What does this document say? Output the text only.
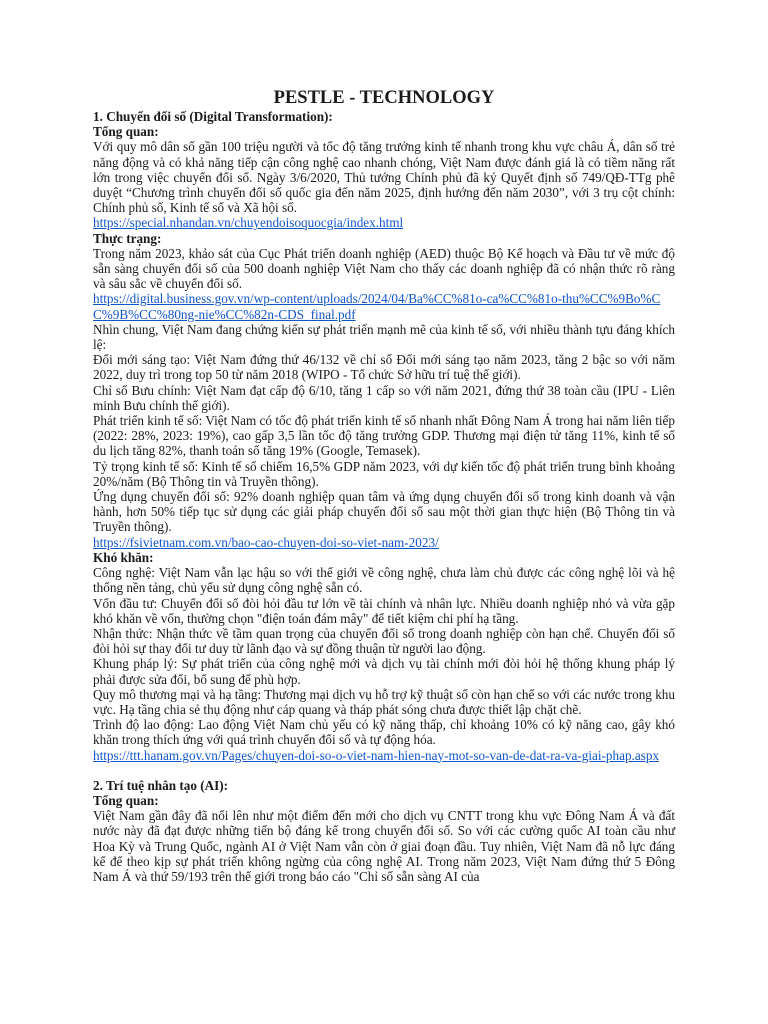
PESTLE - TECHNOLOGY

1. Chuyển đổi số (Digital Transformation):

Tổng quan:

Với quy mô dân số gần 100 triệu người và tốc độ tăng trưởng kinh tế nhanh trong khu vực châu Á, dân số trẻ năng động và có khả năng tiếp cận công nghệ cao nhanh chóng, Việt Nam được đánh giá là có tiềm năng rất lớn trong việc chuyển đổi số. Ngày 3/6/2020, Thủ tướng Chính phủ đã ký Quyết định số 749/QĐ-TTg phê duyệt “Chương trình chuyển đổi số quốc gia đến năm 2025, định hướng đến năm 2030”, với 3 trụ cột chính: Chính phủ số, Kinh tế số và Xã hội số.

https://special.nhandan.vn/chuyendoisoquocgia/index.html

Thực trạng:

Trong năm 2023, khảo sát của Cục Phát triển doanh nghiệp (AED) thuộc Bộ Kế hoạch và Đầu tư về mức độ sẵn sàng chuyển đổi số của 500 doanh nghiệp Việt Nam cho thấy các doanh nghiệp đã có nhận thức rõ ràng và sâu sắc về chuyển đổi số.

https://digital.business.gov.vn/wp-content/uploads/2024/04/Ba%CC%81o-ca%CC%81o-thu%CC%9Bo%CC%9B%CC%80ng-nie%CC%82n-CDS_final.pdf

Nhìn chung, Việt Nam đang chứng kiến sự phát triển mạnh mẽ của kinh tế số, với nhiều thành tựu đáng khích lệ:

Đổi mới sáng tạo: Việt Nam đứng thứ 46/132 về chỉ số Đổi mới sáng tạo năm 2023, tăng 2 bậc so với năm 2022, duy trì trong top 50 từ năm 2018 (WIPO - Tổ chức Sở hữu trí tuệ thế giới).

Chỉ số Bưu chính: Việt Nam đạt cấp độ 6/10, tăng 1 cấp so với năm 2021, đứng thứ 38 toàn cầu (IPU - Liên minh Bưu chính thế giới).

Phát triển kinh tế số: Việt Nam có tốc độ phát triển kinh tế số nhanh nhất Đông Nam Á trong hai năm liên tiếp (2022: 28%, 2023: 19%), cao gấp 3,5 lần tốc độ tăng trưởng GDP. Thương mại điện tử tăng 11%, kinh tế số du lịch tăng 82%, thanh toán số tăng 19% (Google, Temasek).

Tỷ trọng kinh tế số: Kinh tế số chiếm 16,5% GDP năm 2023, với dự kiến tốc độ phát triển trung bình khoảng 20%/năm (Bộ Thông tin và Truyền thông).

Ứng dụng chuyển đổi số: 92% doanh nghiệp quan tâm và ứng dụng chuyển đổi số trong kinh doanh và vận hành, hơn 50% tiếp tục sử dụng các giải pháp chuyển đổi số sau một thời gian thực hiện (Bộ Thông tin và Truyền thông).

https://fsivietnam.com.vn/bao-cao-chuyen-doi-so-viet-nam-2023/

Khó khăn:

Công nghệ: Việt Nam vẫn lạc hậu so với thế giới về công nghệ, chưa làm chủ được các công nghệ lõi và hệ thống nền tảng, chủ yếu sử dụng công nghệ sẵn có.

Vốn đầu tư: Chuyển đổi số đòi hỏi đầu tư lớn về tài chính và nhân lực. Nhiều doanh nghiệp nhỏ và vừa gặp khó khăn về vốn, thường chọn "điện toán đám mây" để tiết kiệm chi phí hạ tầng.

Nhận thức: Nhận thức về tầm quan trọng của chuyển đổi số trong doanh nghiệp còn hạn chế. Chuyển đổi số đòi hỏi sự thay đổi tư duy từ lãnh đạo và sự đồng thuận từ người lao động.

Khung pháp lý: Sự phát triển của công nghệ mới và dịch vụ tài chính mới đòi hỏi hệ thống khung pháp lý phải được sửa đổi, bổ sung để phù hợp.

Quy mô thương mại và hạ tầng: Thương mại dịch vụ hỗ trợ kỹ thuật số còn hạn chế so với các nước trong khu vực. Hạ tầng chia sẻ thụ động như cáp quang và tháp phát sóng chưa được thiết lập chặt chẽ.

Trình độ lao động: Lao động Việt Nam chủ yếu có kỹ năng thấp, chỉ khoảng 10% có kỹ năng cao, gây khó khăn trong thích ứng với quá trình chuyển đổi số và tự động hóa.

https://ttt.hanam.gov.vn/Pages/chuyen-doi-so-o-viet-nam-hien-nay-mot-so-van-de-dat-ra-va-giai-phap.aspx

2. Trí tuệ nhân tạo (AI):

Tổng quan:

Việt Nam gần đây đã nổi lên như một điểm đến mới cho dịch vụ CNTT trong khu vực Đông Nam Á và đất nước này đã đạt được những tiến bộ đáng kể trong chuyển đổi số. So với các cường quốc AI toàn cầu như Hoa Kỳ và Trung Quốc, ngành AI ở Việt Nam vẫn còn ở giai đoạn đầu. Tuy nhiên, Việt Nam đã nỗ lực đáng kể để theo kịp sự phát triển không ngừng của công nghệ AI. Trong năm 2023, Việt Nam đứng thứ 5 Đông Nam Á và thứ 59/193 trên thế giới trong báo cáo "Chỉ số sẵn sàng AI của
